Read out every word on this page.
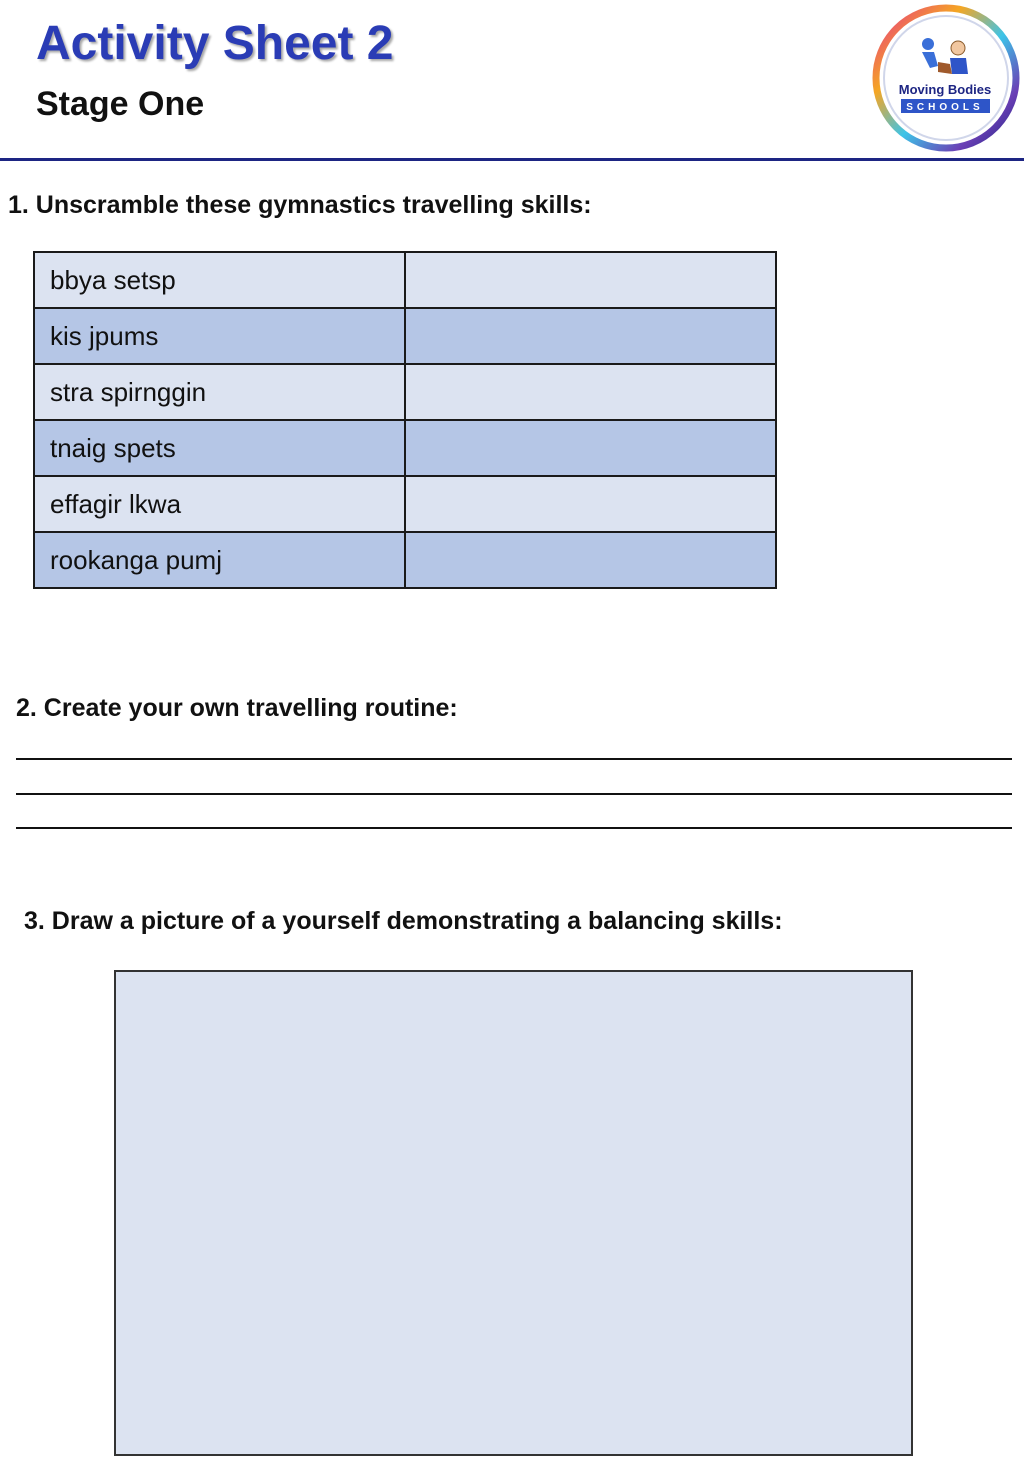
Activity Sheet 2
Stage One	Moving Bodies
SCHOOLS
1. Unscramble these gymnastics travelling skills:
bbya setsp	
kis jpums	
stra spirnggin	
tnaig spets	
effagir lkwa	
rookanga pumj	
2. Create your own travelling routine:
3. Draw a picture of a yourself demonstrating a balancing skills:
